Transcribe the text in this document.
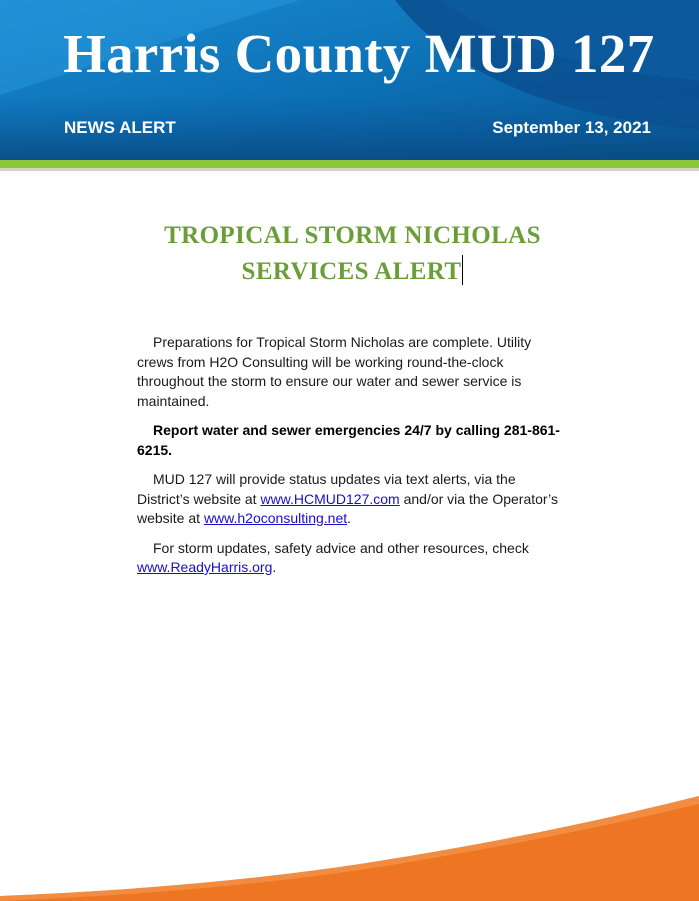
Harris County MUD 127
NEWS ALERT	September 13, 2021
TROPICAL STORM NICHOLAS
SERVICES ALERT

Preparations for Tropical Storm Nicholas are complete. Utility crews from H2O Consulting will be working round-the-clock throughout the storm to ensure our water and sewer service is maintained.

Report water and sewer emergencies 24/7 by calling 281-861-6215.

MUD 127 will provide status updates via text alerts, via the District’s website at www.HCMUD127.com and/or via the Operator’s website at www.h2oconsulting.net.

For storm updates, safety advice and other resources, check www.ReadyHarris.org.
